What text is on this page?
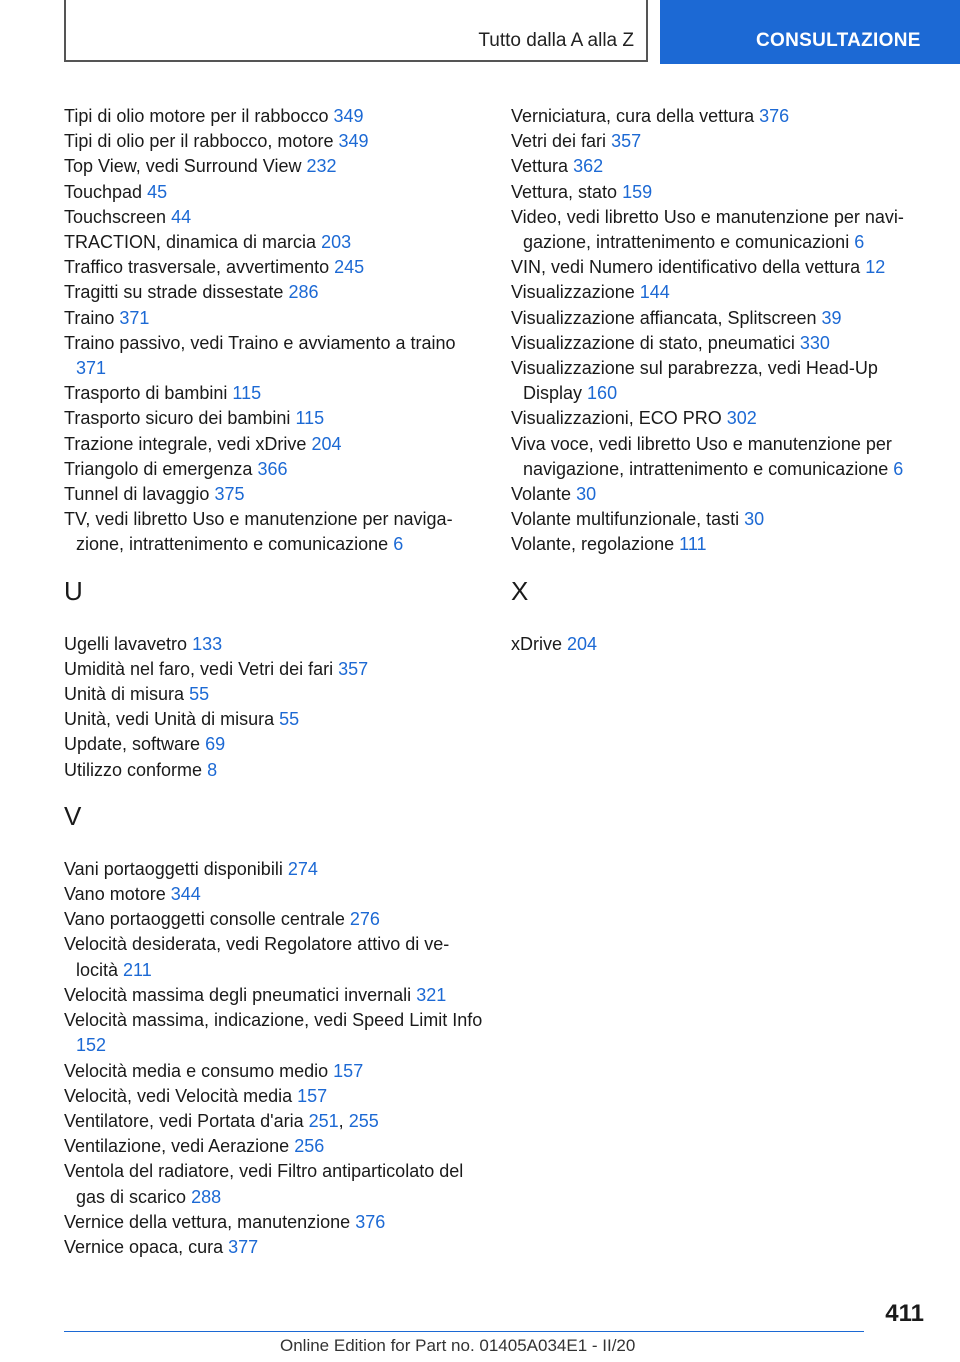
Tutto dalla A alla Z	CONSULTAZIONE
Tipi di olio motore per il rabbocco 349
Tipi di olio per il rabbocco, motore 349
Top View, vedi Surround View 232
Touchpad 45
Touchscreen 44
TRACTION, dinamica di marcia 203
Traffico trasversale, avvertimento 245
Tragitti su strade dissestate 286
Traino 371
Traino passivo, vedi Traino e avviamento a traino 371
Trasporto di bambini 115
Trasporto sicuro dei bambini 115
Trazione integrale, vedi xDrive 204
Triangolo di emergenza 366
Tunnel di lavaggio 375
TV, vedi libretto Uso e manutenzione per navigazione, intrattenimento e comunicazione 6
U
Ugelli lavavetro 133
Umidità nel faro, vedi Vetri dei fari 357
Unità di misura 55
Unità, vedi Unità di misura 55
Update, software 69
Utilizzo conforme 8
V
Vani portaoggetti disponibili 274
Vano motore 344
Vano portaoggetti consolle centrale 276
Velocità desiderata, vedi Regolatore attivo di velocità 211
Velocità massima degli pneumatici invernali 321
Velocità massima, indicazione, vedi Speed Limit Info 152
Velocità media e consumo medio 157
Velocità, vedi Velocità media 157
Ventilatore, vedi Portata d'aria 251, 255
Ventilazione, vedi Aerazione 256
Ventola del radiatore, vedi Filtro antiparticolato del gas di scarico 288
Vernice della vettura, manutenzione 376
Vernice opaca, cura 377
Verniciatura, cura della vettura 376
Vetri dei fari 357
Vettura 362
Vettura, stato 159
Video, vedi libretto Uso e manutenzione per navigazione, intrattenimento e comunicazioni 6
VIN, vedi Numero identificativo della vettura 12
Visualizzazione 144
Visualizzazione affiancata, Splitscreen 39
Visualizzazione di stato, pneumatici 330
Visualizzazione sul parabrezza, vedi Head-Up Display 160
Visualizzazioni, ECO PRO 302
Viva voce, vedi libretto Uso e manutenzione per navigazione, intrattenimento e comunicazione 6
Volante 30
Volante multifunzionale, tasti 30
Volante, regolazione 111
X
xDrive 204
411
Online Edition for Part no. 01405A034E1 - II/20
